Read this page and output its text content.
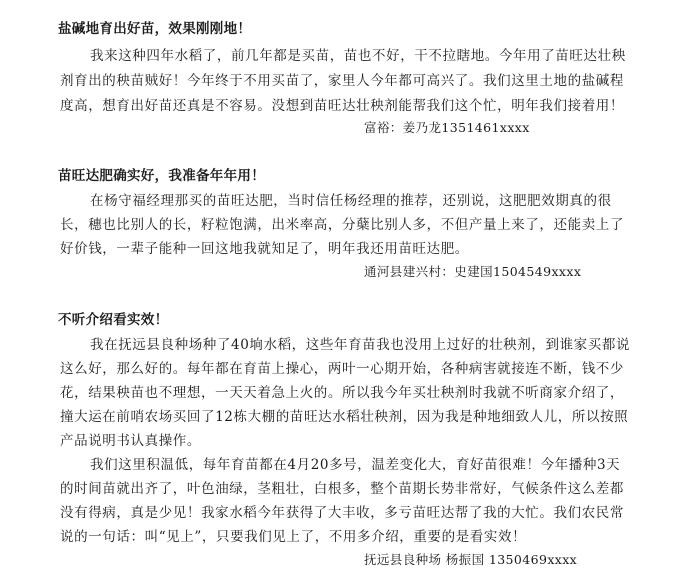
盐碱地育出好苗，效果刚刚地！
我来这种四年水稻了，前几年都是买苗，苗也不好，干不拉瞎地。今年用了苗旺达壮秧
剂育出的秧苗贼好！今年终于不用买苗了，家里人今年都可高兴了。我们这里土地的盐碱程
度高，想育出好苗还真是不容易。没想到苗旺达壮秧剂能帮我们这个忙，明年我们接着用！
富裕：姜乃龙1351461xxxx
苗旺达肥确实好，我准备年年用！
在杨守福经理那买的苗旺达肥，当时信任杨经理的推荐，还别说，这肥肥效期真的很
长，穗也比别人的长，籽粒饱满，出米率高，分蘖比别人多，不但产量上来了，还能卖上了
好价钱，一辈子能种一回这地我就知足了，明年我还用苗旺达肥。
通河县建兴村：史建国1504549xxxx
不听介绍看实效！
我在抚远县良种场种了40垧水稻，这些年育苗我也没用上过好的壮秧剂，到谁家买都说
这么好，那么好的。每年都在育苗上操心，两叶一心期开始，各种病害就接连不断，钱不少
花，结果秧苗也不理想，一天天着急上火的。所以我今年买壮秧剂时我就不听商家介绍了，
撞大运在前哨农场买回了12栋大棚的苗旺达水稻壮秧剂，因为我是种地细致人儿，所以按照
产品说明书认真操作。
我们这里积温低，每年育苗都在4月20多号，温差变化大，育好苗很难！今年播种3天
的时间苗就出齐了，叶色油绿，茎粗壮，白根多，整个苗期长势非常好，气候条件这么差都
没有得病，真是少见！我家水稻今年获得了大丰收，多亏苗旺达帮了我的大忙。我们农民常
说的一句话：叫“见上”，只要我们见上了，不用多介绍，重要的是看实效！
抚远县良种场 杨振国 1350469xxxx
